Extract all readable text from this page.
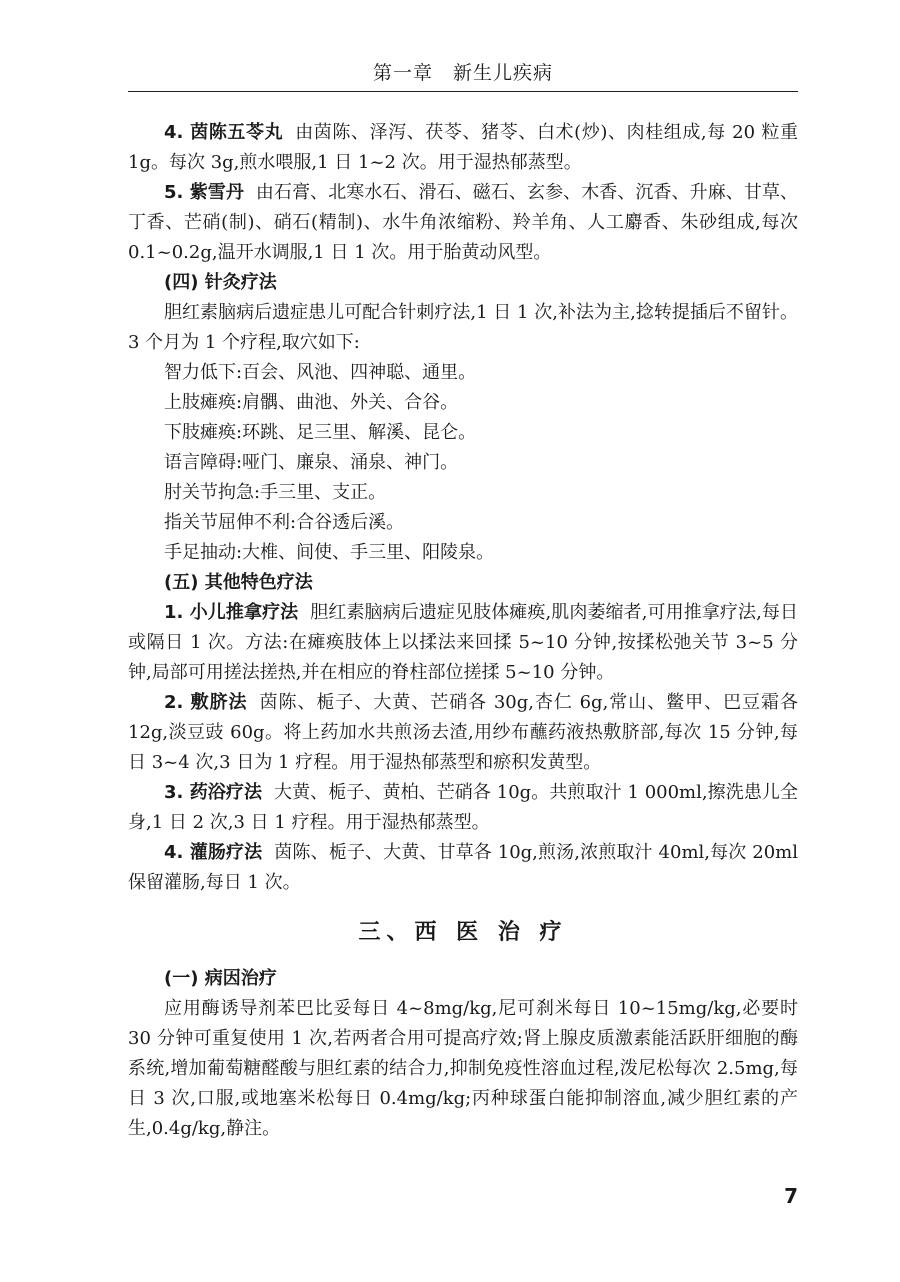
第一章　新生儿疾病

4. 茵陈五苓丸 由茵陈、泽泻、茯苓、猪苓、白术(炒)、肉桂组成,每 20 粒重 1g。每次 3g,煎水喂服,1 日 1~2 次。用于湿热郁蒸型。

5. 紫雪丹 由石膏、北寒水石、滑石、磁石、玄参、木香、沉香、升麻、甘草、丁香、芒硝(制)、硝石(精制)、水牛角浓缩粉、羚羊角、人工麝香、朱砂组成,每次 0.1~0.2g,温开水调服,1 日 1 次。用于胎黄动风型。

(四) 针灸疗法

胆红素脑病后遗症患儿可配合针刺疗法,1 日 1 次,补法为主,捻转提插后不留针。3 个月为 1 个疗程,取穴如下:

智力低下:百会、风池、四神聪、通里。

上肢瘫痪:肩髃、曲池、外关、合谷。

下肢瘫痪:环跳、足三里、解溪、昆仑。

语言障碍:哑门、廉泉、涌泉、神门。

肘关节拘急:手三里、支正。

指关节屈伸不利:合谷透后溪。

手足抽动:大椎、间使、手三里、阳陵泉。

(五) 其他特色疗法

1. 小儿推拿疗法 胆红素脑病后遗症见肢体瘫痪,肌肉萎缩者,可用推拿疗法,每日或隔日 1 次。方法:在瘫痪肢体上以揉法来回揉 5~10 分钟,按揉松弛关节 3~5 分钟,局部可用搓法搓热,并在相应的脊柱部位搓揉 5~10 分钟。

2. 敷脐法 茵陈、栀子、大黄、芒硝各 30g,杏仁 6g,常山、鳖甲、巴豆霜各 12g,淡豆豉 60g。将上药加水共煎汤去渣,用纱布蘸药液热敷脐部,每次 15 分钟,每日 3~4 次,3 日为 1 疗程。用于湿热郁蒸型和瘀积发黄型。

3. 药浴疗法 大黄、栀子、黄柏、芒硝各 10g。共煎取汁 1 000ml,擦洗患儿全身,1 日 2 次,3 日 1 疗程。用于湿热郁蒸型。

4. 灌肠疗法 茵陈、栀子、大黄、甘草各 10g,煎汤,浓煎取汁 40ml,每次 20ml 保留灌肠,每日 1 次。

三、西 医 治 疗

(一) 病因治疗

应用酶诱导剂苯巴比妥每日 4~8mg/kg,尼可刹米每日 10~15mg/kg,必要时 30 分钟可重复使用 1 次,若两者合用可提高疗效;肾上腺皮质激素能活跃肝细胞的酶系统,增加葡萄糖醛酸与胆红素的结合力,抑制免疫性溶血过程,泼尼松每次 2.5mg,每日 3 次,口服,或地塞米松每日 0.4mg/kg;丙种球蛋白能抑制溶血,减少胆红素的产生,0.4g/kg,静注。

7
